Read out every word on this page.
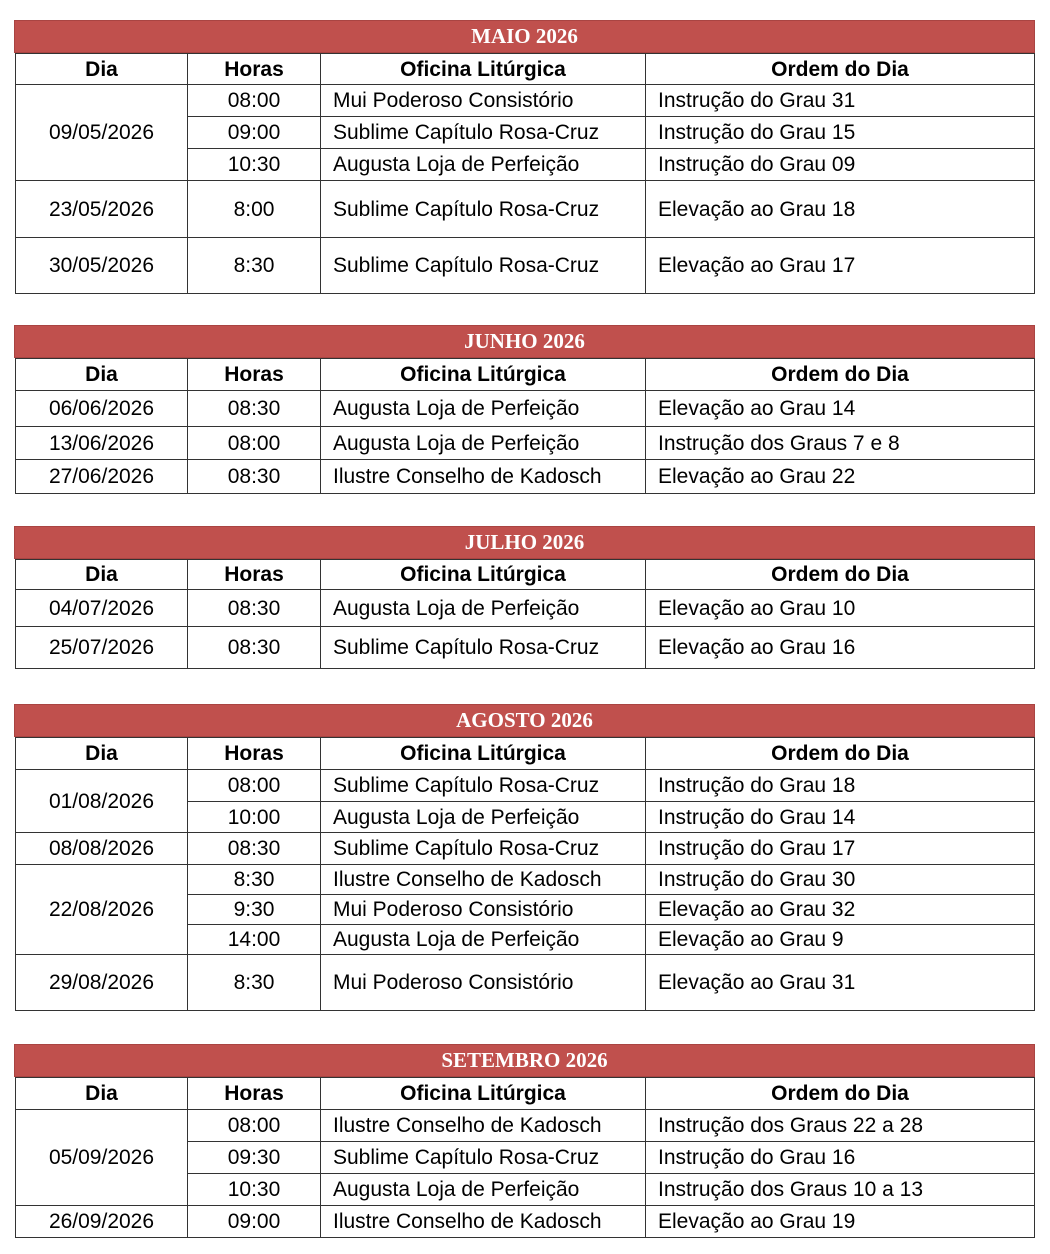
MAIO 2026
Dia	Horas	Oficina Litúrgica	Ordem do Dia
09/05/2026	08:00	Mui Poderoso Consistório	Instrução do Grau 31
	09:00	Sublime Capítulo Rosa-Cruz	Instrução do Grau 15
	10:30	Augusta Loja de Perfeição	Instrução do Grau 09
23/05/2026	8:00	Sublime Capítulo Rosa-Cruz	Elevação ao Grau 18
30/05/2026	8:30	Sublime Capítulo Rosa-Cruz	Elevação ao Grau 17
JUNHO 2026
Dia	Horas	Oficina Litúrgica	Ordem do Dia
06/06/2026	08:30	Augusta Loja de Perfeição	Elevação ao Grau 14
13/06/2026	08:00	Augusta Loja de Perfeição	Instrução dos Graus 7 e 8
27/06/2026	08:30	Ilustre Conselho de Kadosch	Elevação ao Grau 22
JULHO 2026
Dia	Horas	Oficina Litúrgica	Ordem do Dia
04/07/2026	08:30	Augusta Loja de Perfeição	Elevação ao Grau 10
25/07/2026	08:30	Sublime Capítulo Rosa-Cruz	Elevação ao Grau 16
AGOSTO 2026
Dia	Horas	Oficina Litúrgica	Ordem do Dia
01/08/2026	08:00	Sublime Capítulo Rosa-Cruz	Instrução do Grau 18
	10:00	Augusta Loja de Perfeição	Instrução do Grau 14
08/08/2026	08:30	Sublime Capítulo Rosa-Cruz	Instrução do Grau 17
22/08/2026	8:30	Ilustre Conselho de Kadosch	Instrução do Grau 30
	9:30	Mui Poderoso Consistório	Elevação ao Grau 32
	14:00	Augusta Loja de Perfeição	Elevação ao Grau 9
29/08/2026	8:30	Mui Poderoso Consistório	Elevação ao Grau 31
SETEMBRO 2026
Dia	Horas	Oficina Litúrgica	Ordem do Dia
05/09/2026	08:00	Ilustre Conselho de Kadosch	Instrução dos Graus 22 a 28
	09:30	Sublime Capítulo Rosa-Cruz	Instrução do Grau 16
	10:30	Augusta Loja de Perfeição	Instrução dos Graus 10 a 13
26/09/2026	09:00	Ilustre Conselho de Kadosch	Elevação ao Grau 19
